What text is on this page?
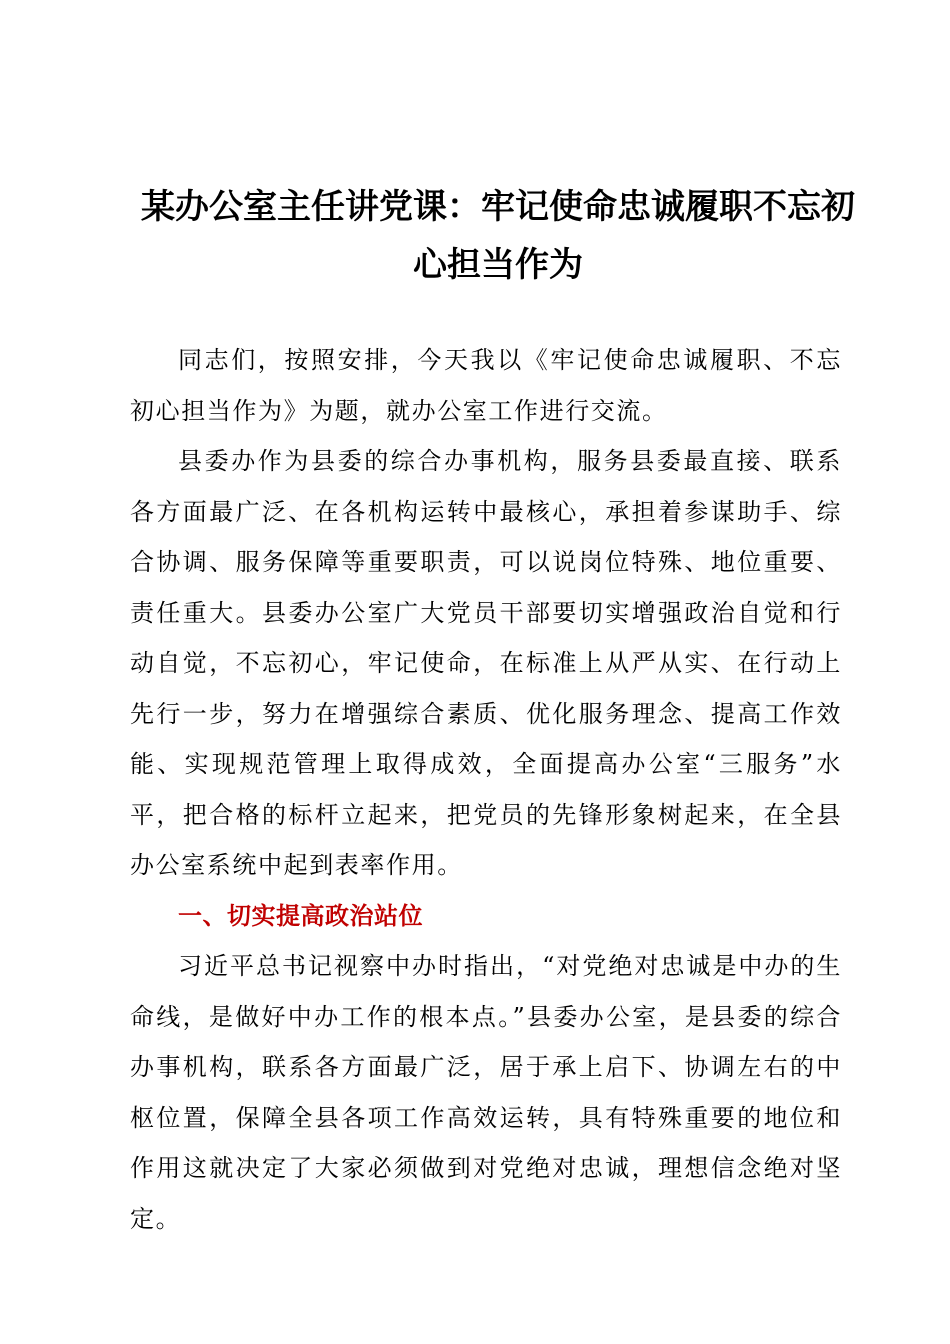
某办公室主任讲党课：牢记使命忠诚履职不忘初心担当作为

同志们，按照安排，今天我以《牢记使命忠诚履职、不忘初心担当作为》为题，就办公室工作进行交流。

县委办作为县委的综合办事机构，服务县委最直接、联系各方面最广泛、在各机构运转中最核心，承担着参谋助手、综合协调、服务保障等重要职责，可以说岗位特殊、地位重要、责任重大。县委办公室广大党员干部要切实增强政治自觉和行动自觉，不忘初心，牢记使命，在标准上从严从实、在行动上先行一步，努力在增强综合素质、优化服务理念、提高工作效能、实现规范管理上取得成效，全面提高办公室“三服务”水平，把合格的标杆立起来，把党员的先锋形象树起来，在全县办公室系统中起到表率作用。

一、切实提高政治站位

习近平总书记视察中办时指出，“对党绝对忠诚是中办的生命线，是做好中办工作的根本点。”县委办公室，是县委的综合办事机构，联系各方面最广泛，居于承上启下、协调左右的中枢位置，保障全县各项工作高效运转，具有特殊重要的地位和作用这就决定了大家必须做到对党绝对忠诚，理想信念绝对坚定。
